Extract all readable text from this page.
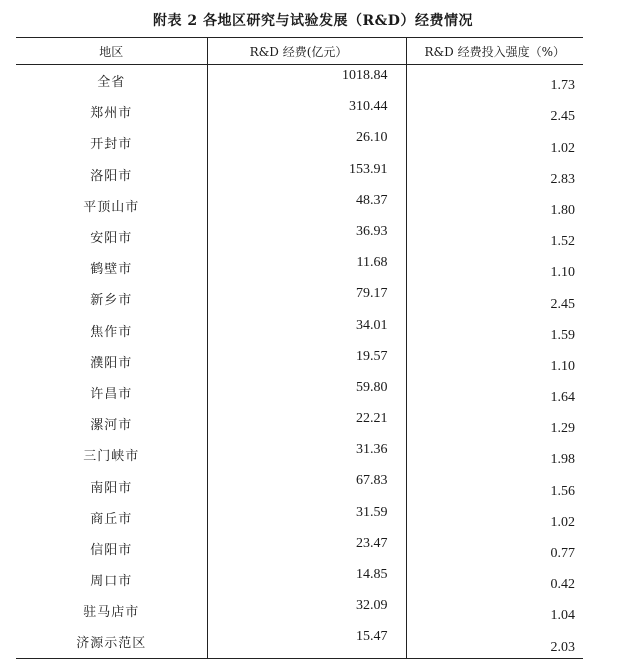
附表 2 各地区研究与试验发展（R&D）经费情况
地区	R&D 经费(亿元）	R&D 经费投入强度（%）
全省	1018.84	1.73
郑州市	310.44	2.45
开封市	26.10	1.02
洛阳市	153.91	2.83
平顶山市	48.37	1.80
安阳市	36.93	1.52
鹤壁市	11.68	1.10
新乡市	79.17	2.45
焦作市	34.01	1.59
濮阳市	19.57	1.10
许昌市	59.80	1.64
漯河市	22.21	1.29
三门峡市	31.36	1.98
南阳市	67.83	1.56
商丘市	31.59	1.02
信阳市	23.47	0.77
周口市	14.85	0.42
驻马店市	32.09	1.04
济源示范区	15.47	2.03
